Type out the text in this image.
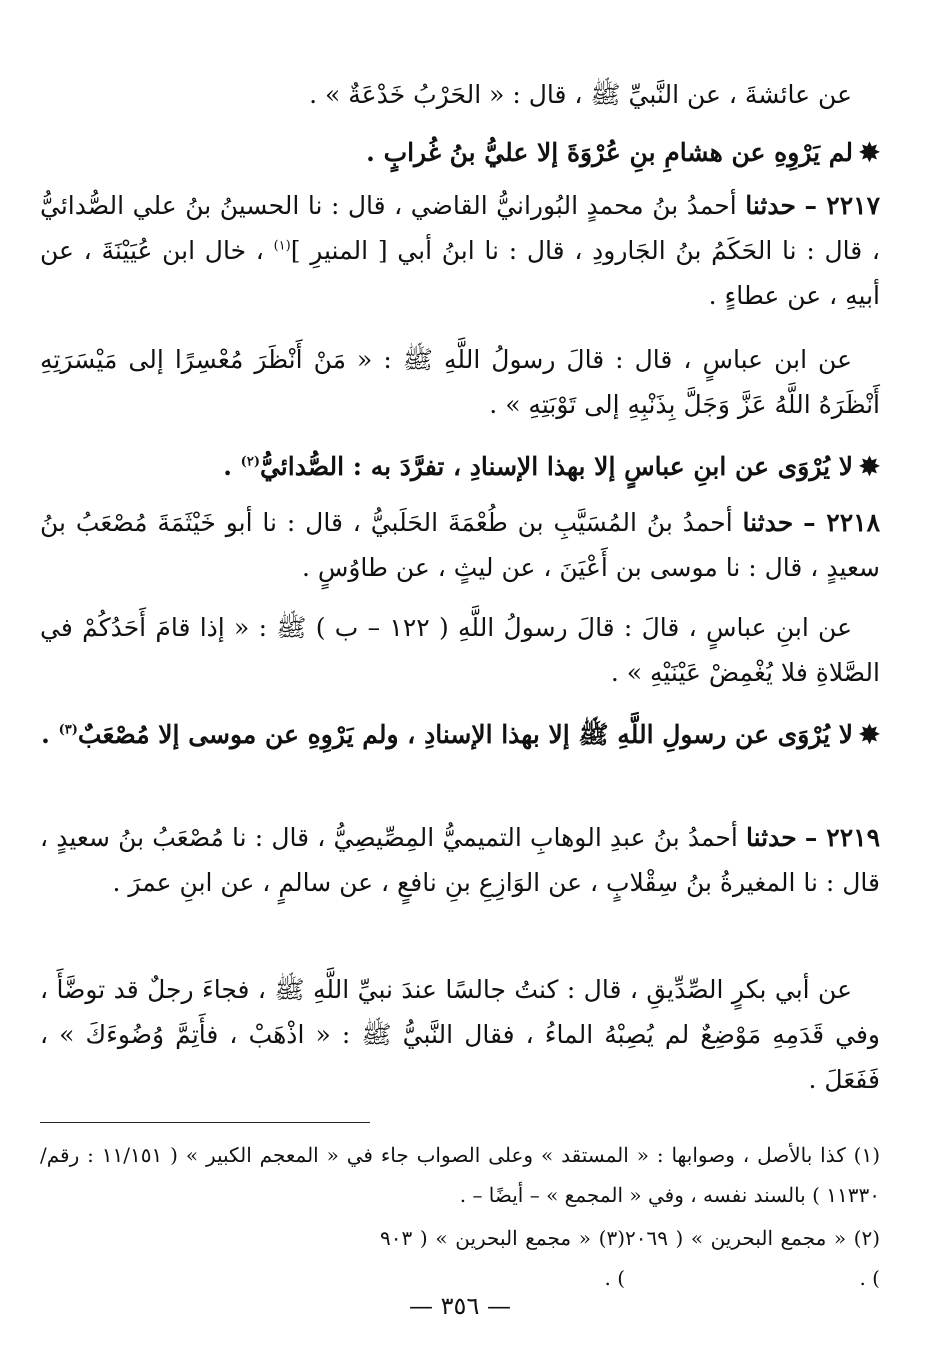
عن عائشةَ ، عن النَّبيِّ ﷺ ، قال : « الحَرْبُ خَدْعَةٌ » .
✸لم يَرْوِهِ عن هشامِ بنِ عُرْوَةَ إلا عليُّ بنُ غُرابٍ .
٢٢١٧ – حدثنا أحمدُ بنُ محمدٍ البُورانيُّ القاضي ، قال : نا الحسينُ بنُ علي الصُّدائيُّ ، قال : نا الحَكَمُ بنُ الجَارودِ ، قال : نا ابنُ أبي [ المنيرِ ]$^{(١)}$ ، خال ابن عُيَيْنَةَ ، عن أبيهِ ، عن عطاءٍ .
عن ابن عباسٍ ، قال : قالَ رسولُ اللَّهِ ﷺ : « مَنْ أَنْظَرَ مُعْسِرًا إلى مَيْسَرَتِهِ أَنْظَرَهُ اللَّهُ عَزَّ وَجَلَّ بِذَنْبِهِ إلى تَوْبَتِهِ » .
✸لا يُرْوَى عن ابنِ عباسٍ إلا بهذا الإسنادِ ، تفرَّدَ به : الصُّدائيُّ$^{(٢)}$ .
٢٢١٨ – حدثنا أحمدُ بنُ المُسَيَّبِ بن طُعْمَةَ الحَلَبيُّ ، قال : نا أبو خَيْثَمَةَ مُصْعَبُ بنُ سعيدٍ ، قال : نا موسى بن أَعْيَنَ ، عن ليثٍ ، عن طاوُسٍ .
عن ابنِ عباسٍ ، قالَ : قالَ رسولُ اللَّهِ ( ١٢٢ – ب ) ﷺ : « إذا قامَ أَحَدُكُمْ في الصَّلاةِ فلا يُغْمِضْ عَيْنَيْهِ » .
✸لا يُرْوَى عن رسولِ اللَّهِ ﷺ إلا بهذا الإسنادِ ، ولم يَرْوِهِ عن موسى إلا مُصْعَبٌ$^{(٣)}$ .
٢٢١٩ – حدثنا أحمدُ بنُ عبدِ الوهابِ التميميُّ المِصِّيصِيُّ ، قال : نا مُصْعَبُ بنُ سعيدٍ ، قال : نا المغيرةُ بنُ سِقْلابٍ ، عن الوَازِعِ بنِ نافعٍ ، عن سالمٍ ، عن ابنِ عمرَ .
عن أبي بكرٍ الصِّدِّيقِ ، قال : كنتُ جالسًا عندَ نبيِّ اللَّهِ ﷺ ، فجاءَ رجلٌ قد توضَّأَ ، وفي قَدَمِهِ مَوْضِعٌ لم يُصِبْهُ الماءُ ، فقال النَّبيُّ ﷺ : « اذْهَبْ ، فأَتِمَّ وُضُوءَكَ » ، فَفَعَلَ .
(١) كذا بالأصل ، وصوابها : « المستقد » وعلى الصواب جاء في « المعجم الكبير » ( ١١/١٥١ : رقم/١١٣٣٠ ) بالسند نفسه ، وفي « المجمع » – أيضًا – .
(٢) « مجمع البحرين » ( ٢٠٦٩ ) .
(٣) « مجمع البحرين » ( ٩٠٣ ) .
— ٣٥٦ —
